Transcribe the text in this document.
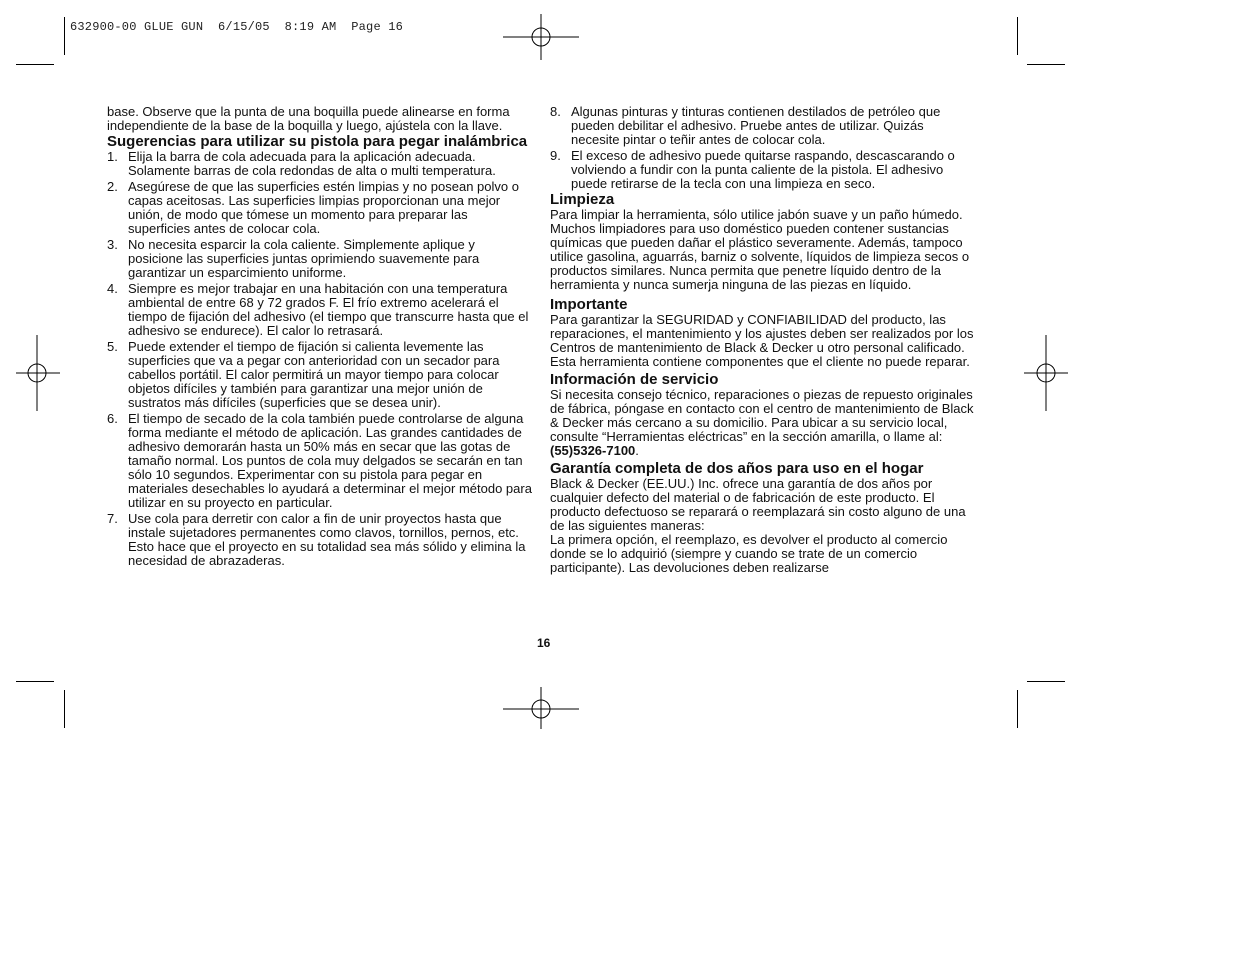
632900-00 GLUE GUN  6/15/05  8:19 AM  Page 16

base. Observe que la punta de una boquilla puede alinearse en forma independiente de la base de la boquilla y luego, ajústela con la llave.

Sugerencias para utilizar su pistola para pegar inalámbrica
1. Elija la barra de cola adecuada para la aplicación adecuada. Solamente barras de cola redondas de alta o multi temperatura.
2. Asegúrese de que las superficies estén limpias y no posean polvo o capas aceitosas. Las superficies limpias proporcionan una mejor unión, de modo que tómese un momento para preparar las superficies antes de colocar cola.
3. No necesita esparcir la cola caliente. Simplemente aplique y posicione las superficies juntas oprimiendo suavemente para garantizar un esparcimiento uniforme.
4. Siempre es mejor trabajar en una habitación con una temperatura ambiental de entre 68 y 72 grados F. El frío extremo acelerará el tiempo de fijación del adhesivo (el tiempo que transcurre hasta que el adhesivo se endurece). El calor lo retrasará.
5. Puede extender el tiempo de fijación si calienta levemente las superficies que va a pegar con anterioridad con un secador para cabellos portátil. El calor permitirá un mayor tiempo para colocar objetos difíciles y también para garantizar una mejor unión de sustratos más difíciles (superficies que se desea unir).
6. El tiempo de secado de la cola también puede controlarse de alguna forma mediante el método de aplicación. Las grandes cantidades de adhesivo demorarán hasta un 50% más en secar que las gotas de tamaño normal. Los puntos de cola muy delgados se secarán en tan sólo 10 segundos. Experimentar con su pistola para pegar en materiales desechables lo ayudará a determinar el mejor método para utilizar en su proyecto en particular.
7. Use cola para derretir con calor a fin de unir proyectos hasta que instale sujetadores permanentes como clavos, tornillos, pernos, etc. Esto hace que el proyecto en su totalidad sea más sólido y elimina la necesidad de abrazaderas.
8. Algunas pinturas y tinturas contienen destilados de petróleo que pueden debilitar el adhesivo. Pruebe antes de utilizar. Quizás necesite pintar o teñir antes de colocar cola.
9. El exceso de adhesivo puede quitarse raspando, descascarando o volviendo a fundir con la punta caliente de la pistola. El adhesivo puede retirarse de la tecla con una limpieza en seco.
Limpieza

Para limpiar la herramienta, sólo utilice jabón suave y un paño húmedo. Muchos limpiadores para uso doméstico pueden contener sustancias químicas que pueden dañar el plástico severamente. Además, tampoco utilice gasolina, aguarrás, barniz o solvente, líquidos de limpieza secos o productos similares. Nunca permita que penetre líquido dentro de la herramienta y nunca sumerja ninguna de las piezas en líquido.

Importante

Para garantizar la SEGURIDAD y CONFIABILIDAD del producto, las reparaciones, el mantenimiento y los ajustes deben ser realizados por los Centros de mantenimiento de Black & Decker u otro personal calificado. Esta herramienta contiene componentes que el cliente no puede reparar.

Información de servicio

Si necesita consejo técnico, reparaciones o piezas de repuesto originales de fábrica, póngase en contacto con el centro de mantenimiento de Black & Decker más cercano a su domicilio. Para ubicar a su servicio local, consulte “Herramientas eléctricas” en la sección amarilla, o llame al: (55)5326-7100.

Garantía completa de dos años para uso en el hogar

Black & Decker (EE.UU.) Inc. ofrece una garantía de dos años por cualquier defecto del material o de fabricación de este producto. El producto defectuoso se reparará o reemplazará sin costo alguno de una de las siguientes maneras:

La primera opción, el reemplazo, es devolver el producto al comercio donde se lo adquirió (siempre y cuando se trate de un comercio participante). Las devoluciones deben realizarse

16
